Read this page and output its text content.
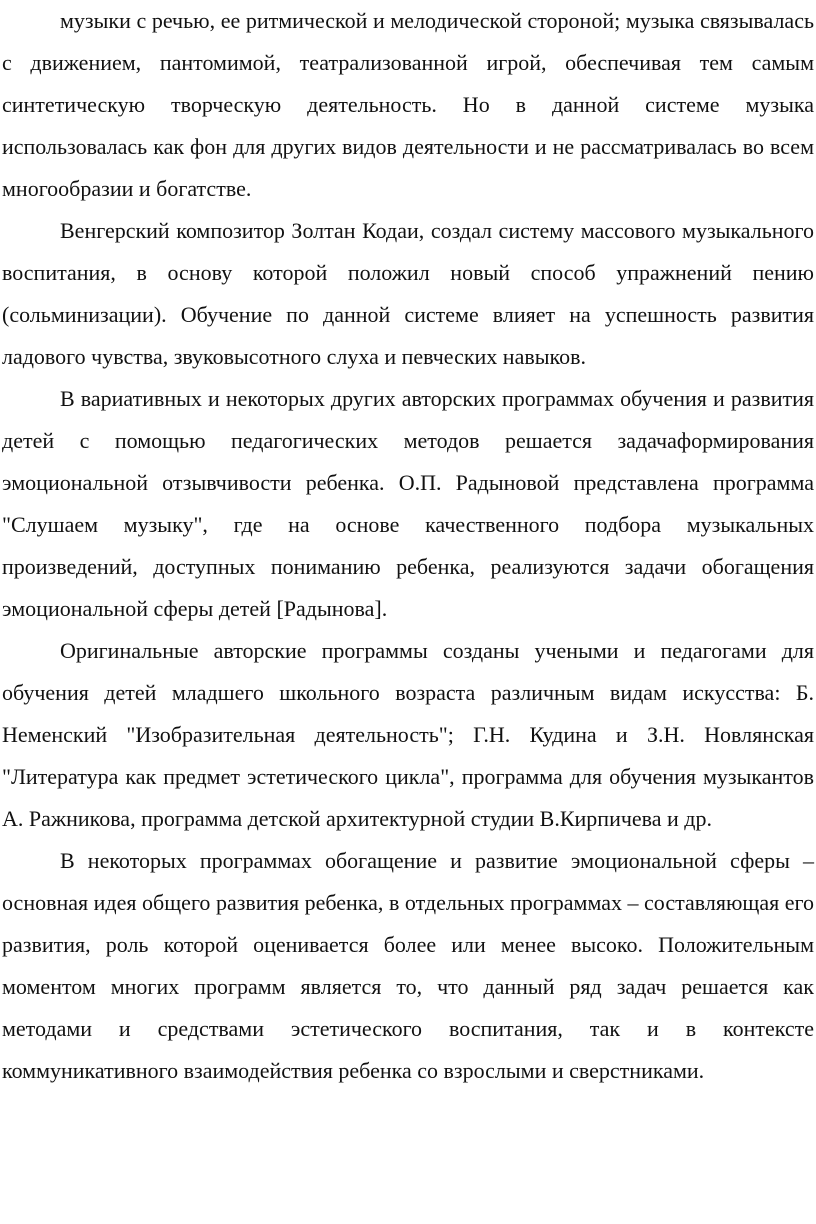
музыки с речью, ее ритмической и мелодической стороной; музыка связывалась с движением, пантомимой, театрализованной игрой, обеспечивая тем самым синтетическую творческую деятельность. Но в данной системе музыка использовалась как фон для других видов деятельности и не рассматривалась во всем многообразии и богатстве.

Венгерский композитор Золтан Кодаи, создал систему массового музыкального воспитания, в основу которой положил новый способ упражнений пению (сольминизации). Обучение по данной системе влияет на успешность развития ладового чувства, звуковысотного слуха и певческих навыков.

В вариативных и некоторых других авторских программах обучения и развития детей с помощью педагогических методов решается задачаформирования эмоциональной отзывчивости ребенка. О.П. Радыновой представлена программа "Слушаем музыку", где на основе качественного подбора музыкальных произведений, доступных пониманию ребенка, реализуются задачи обогащения эмоциональной сферы детей [Радынова].

Оригинальные авторские программы созданы учеными и педагогами для обучения детей младшего школьного возраста различным видам искусства: Б. Неменский "Изобразительная деятельность"; Г.Н. Кудина и З.Н. Новлянская "Литература как предмет эстетического цикла", программа для обучения музыкантов А. Ражникова, программа детской архитектурной студии В.Кирпичева и др.

В некоторых программах обогащение и развитие эмоциональной сферы – основная идея общего развития ребенка, в отдельных программах – составляющая его развития, роль которой оценивается более или менее высоко. Положительным моментом многих программ является то, что данный ряд задач решается как методами и средствами эстетического воспитания, так и в контексте коммуникативного взаимодействия ребенка со взрослыми и сверстниками.
